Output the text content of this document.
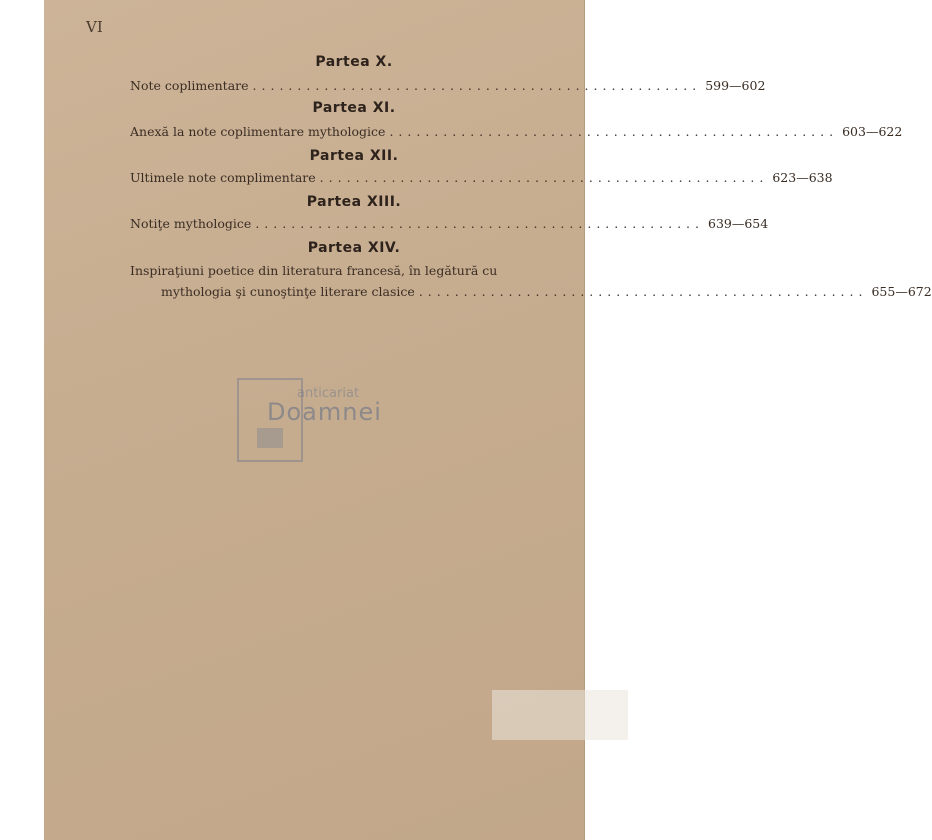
VI
Partea X.
Note coplimentare .................................................. 599—602
Partea XI.
Anexă la note coplimentare mythologice .................................................. 603—622
Partea XII.
Ultimele note complimentare .................................................. 623—638
Partea XIII.
Notiţe mythologice .................................................. 639—654
Partea XIV.
Inspiraţiuni poetice din literatura francesă, în legătură cu
mythologia şi cunoştinţe literare clasice .................................................. 655—672
anticariat
Doamnei
